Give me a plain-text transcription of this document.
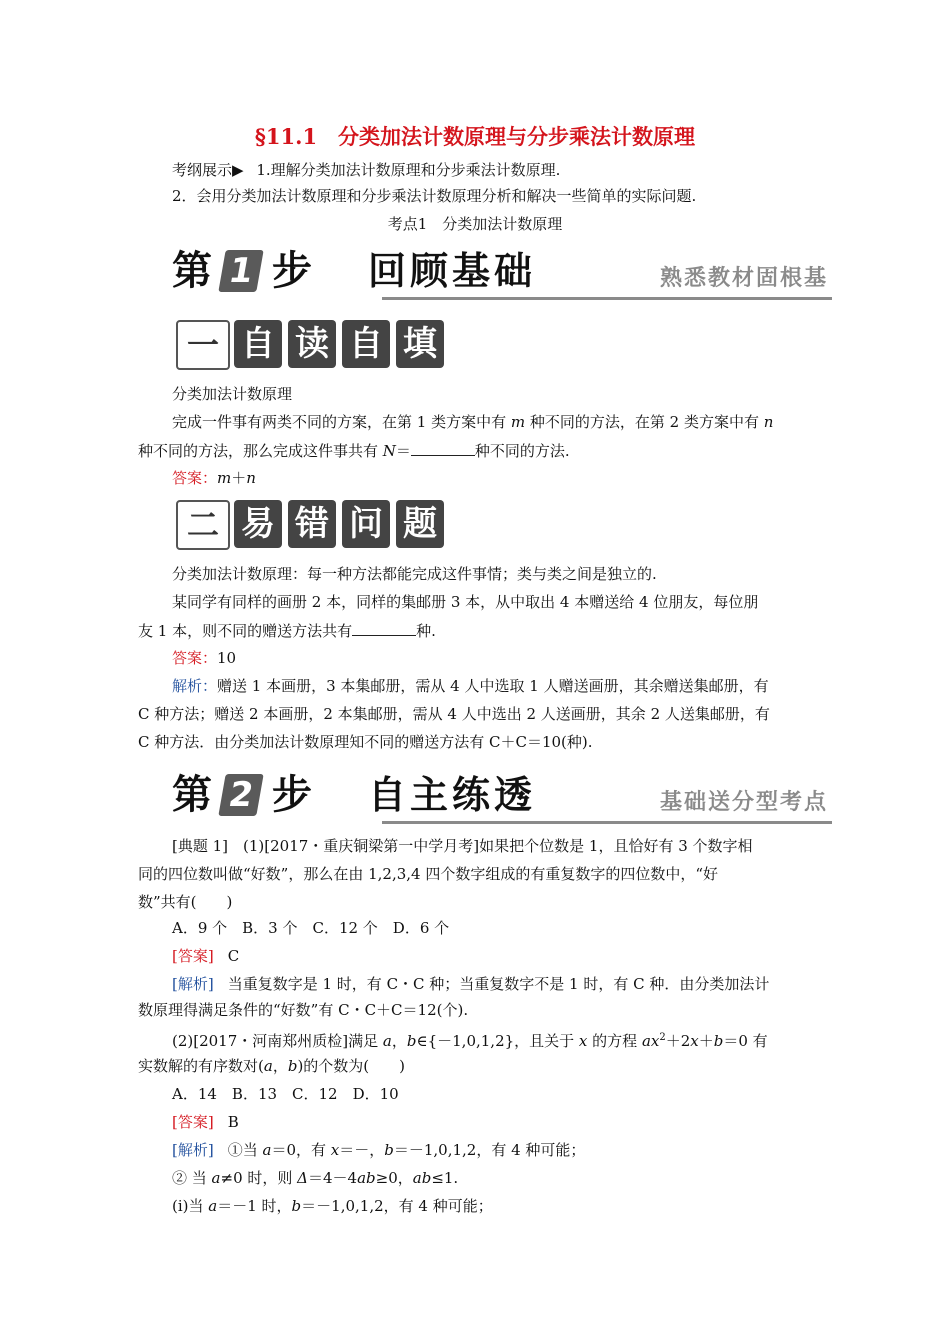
§11.1　分类加法计数原理与分步乘法计数原理
考纲展示▶ 1.理解分类加法计数原理和分步乘法计数原理.
2．会用分类加法计数原理和分步乘法计数原理分析和解决一些简单的实际问题.
考点1　分类加法计数原理
第 1 步 回顾基础	熟悉教材固根基
一 自 读 自 填
分类加法计数原理
完成一件事有两类不同的方案，在第 1 类方案中有 m 种不同的方法，在第 2 类方案中有 n
种不同的方法，那么完成这件事共有 N＝	种不同的方法.
答案：m＋n
二 易 错 问 题
分类加法计数原理：每一种方法都能完成这件事情；类与类之间是独立的.
某同学有同样的画册 2 本，同样的集邮册 3 本，从中取出 4 本赠送给 4 位朋友，每位朋
友 1 本，则不同的赠送方法共有	种.
答案：10
解析：赠送 1 本画册，3 本集邮册，需从 4 人中选取 1 人赠送画册，其余赠送集邮册，有
C 种方法；赠送 2 本画册，2 本集邮册，需从 4 人中选出 2 人送画册，其余 2 人送集邮册，有
C 种方法．由分类加法计数原理知不同的赠送方法有 C＋C＝10(种).
第 2 步 自主练透	基础送分型考点
[典题 1]　(1)[2017・重庆铜梁第一中学月考]如果把个位数是 1，且恰好有 3 个数字相
同的四位数叫做“好数”，那么在由 1,2,3,4 四个数字组成的有重复数字的四位数中，“好
数”共有(　　)
A．9 个　B．3 个　C．12 个　D．6 个
[答案] C
[解析] 当重复数字是 1 时，有 C・C 种；当重复数字不是 1 时，有 C 种．由分类加法计
数原理得满足条件的“好数”有 C・C＋C＝12(个).
(2)[2017・河南郑州质检]满足 a，b∈{－1,0,1,2}，且关于 x 的方程 $ax^2+2x+b=0$ 有
实数解的有序数对(a，b)的个数为(　　)
A．14　B．13　C．12　D．10
[答案] B
[解析] ①当 a＝0，有 x＝－，b＝－1,0,1,2，有 4 种可能；
② 当 a≠0 时，则 Δ＝4－4ab≥0，ab≤1.
(ⅰ)当 a＝－1 时，b＝－1,0,1,2，有 4 种可能；
